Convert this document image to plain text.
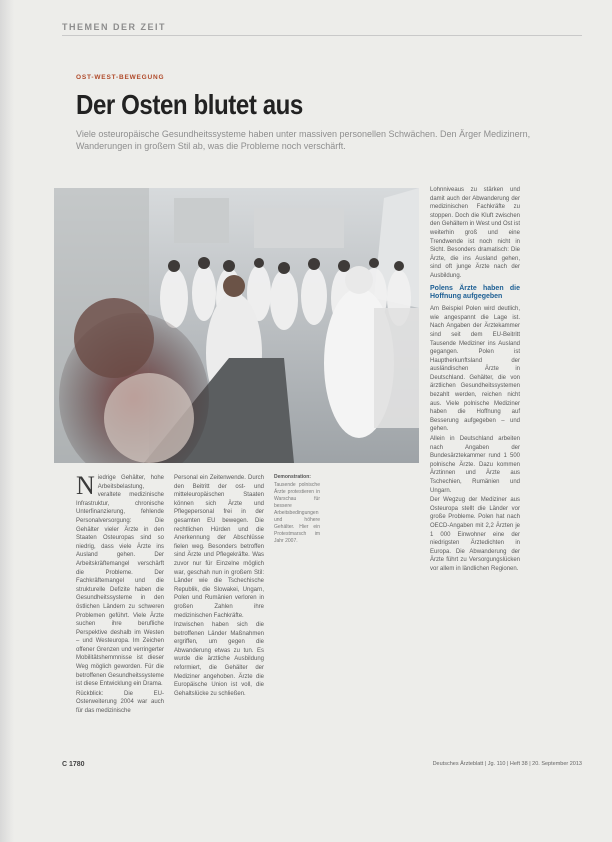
THEMEN DER ZEIT
OST-WEST-BEWEGUNG
Der Osten blutet aus
Viele osteuropäische Gesundheitssysteme haben unter massiven personellen Schwächen. Den Ärger Medizinern, Wanderungen in großem Stil ab, was die Probleme noch verschärft.

Niedrige Gehälter, hohe Arbeitsbelastung, veraltete medizinische Infrastruktur, chronische Unterfinanzierung, fehlende Personalversorgung: Die Gehälter vieler Ärzte in den Staaten Osteuropas sind so niedrig, dass viele Ärzte ins Ausland gehen. Der Arbeitskräftemangel verschärft die Probleme. Der Fachkräftemangel und die strukturelle Defizite haben die Gesundheitssysteme in den östlichen Ländern zu schweren Problemen geführt. Viele Ärzte suchen ihre berufliche Perspektive deshalb im Westen – und Westeuropa. Im Zeichen offener Grenzen und verringerter Mobilitätshemmnisse ist dieser Weg möglich geworden. Für die betroffenen Gesundheitssysteme ist diese Entwicklung ein Drama.

Rückblick: Die EU-Osterweiterung 2004 war auch für das medizinische

Personal ein Zeitenwende. Durch den Beitritt der ost- und mitteleuropäischen Staaten können sich Ärzte und Pflegepersonal frei in der gesamten EU bewegen. Die rechtlichen Hürden und die Anerkennung der Abschlüsse fielen weg. Besonders betroffen sind Ärzte und Pflegekräfte. Was zuvor nur für Einzelne möglich war, geschah nun in großem Stil: Länder wie die Tschechische Republik, die Slowakei, Ungarn, Polen und Rumänien verloren in großen Zahlen ihre medizinischen Fachkräfte.

Inzwischen haben sich die betroffenen Länder Maßnahmen ergriffen, um gegen die Abwanderung etwas zu tun. Es wurde die ärztliche Ausbildung reformiert, die Gehälter der Mediziner angehoben. Ärzte die Europäische Union ist voll, die Gehaltslücke zu schließen.

Demonstration:
Tausende polnische Ärzte protestieren in Warschau für bessere Arbeitsbedingungen und höhere Gehälter. Hier ein Protestmarsch im Jahr 2007.

Lohnniveaus zu stärken und damit auch der Abwanderung der medizinischen Fachkräfte zu stoppen. Doch die Kluft zwischen den Gehältern in West und Ost ist weiterhin groß und eine Trendwende ist noch nicht in Sicht. Besonders dramatisch: Die Ärzte, die ins Ausland gehen, sind oft junge Ärzte nach der Ausbildung.

Polens Ärzte haben die Hoffnung aufgegeben

Am Beispiel Polen wird deutlich, wie angespannt die Lage ist. Nach Angaben der Ärztekammer sind seit dem EU-Beitritt Tausende Mediziner ins Ausland gegangen. Polen ist Hauptherkunftsland der ausländischen Ärzte in Deutschland. Gehälter, die von ärztlichen Gesundheitssystemen bezahlt werden, reichen nicht aus. Viele polnische Mediziner haben die Hoffnung auf Besserung aufgegeben – und gehen.

Allein in Deutschland arbeiten nach Angaben der Bundesärztekammer rund 1 500 polnische Ärzte. Dazu kommen Ärztinnen und Ärzte aus Tschechien, Rumänien und Ungarn.

Der Wegzug der Mediziner aus Osteuropa stellt die Länder vor große Probleme. Polen hat nach OECD-Angaben mit 2,2 Ärzten je 1 000 Einwohner eine der niedrigsten Ärztedichten in Europa. Die Abwanderung der Ärzte führt zu Versorgungslücken vor allem in ländlichen Regionen.

C 1780	Deutsches Ärzteblatt | Jg. 110 | Heft 38 | 20. September 2013
